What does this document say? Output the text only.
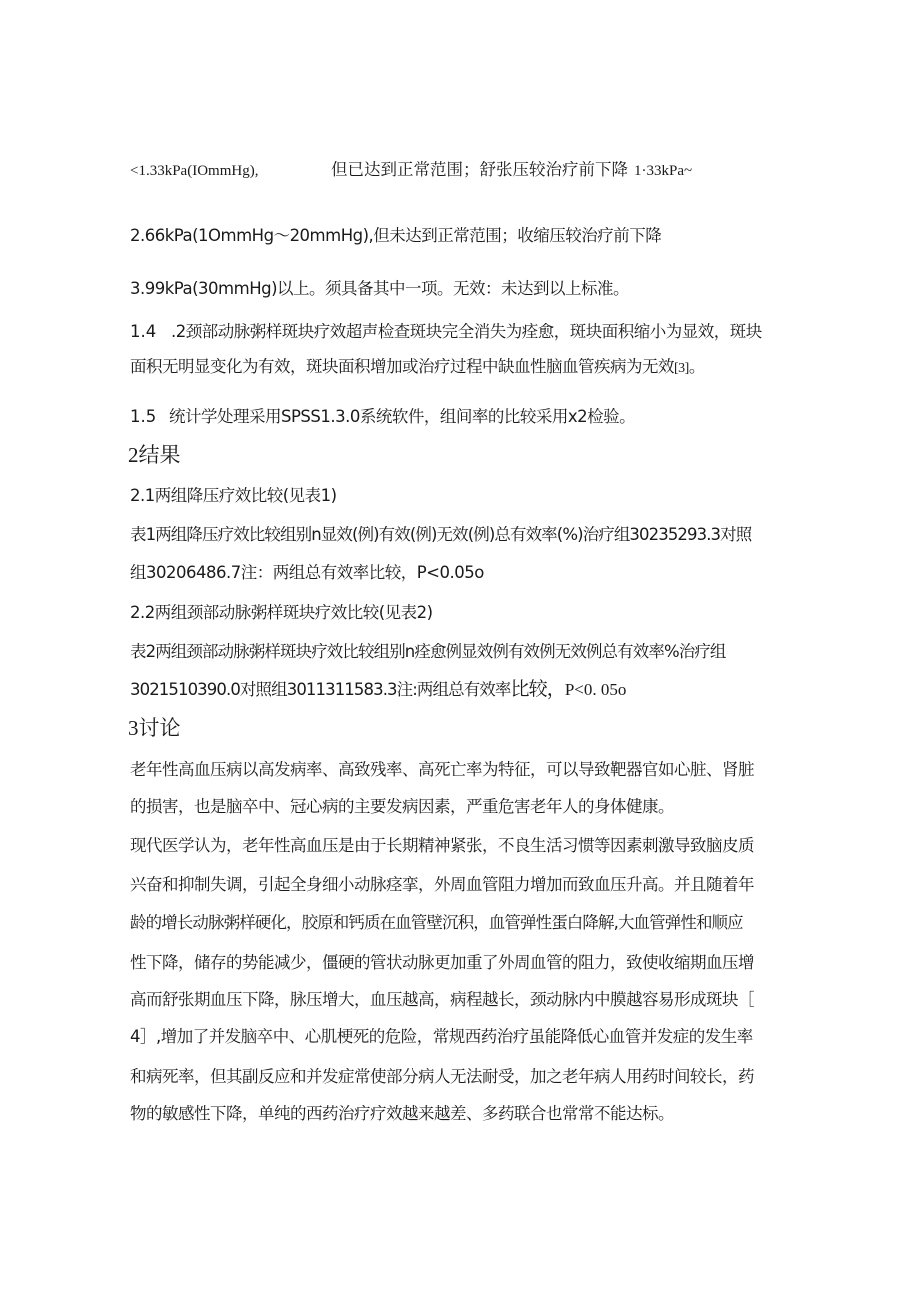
<1.33kPa(IOmmHg),	但已达到正常范围；舒张压较治疗前下降 1·33kPa~
2.66kPa(1OmmHg〜20mmHg),但未达到正常范围；收缩压较治疗前下降
3.99kPa(30mmHg)以上。须具备其中一项。无效：未达到以上标准。
1.4 .2颈部动脉粥样斑块疗效超声检查斑块完全消失为痊愈，斑块面积缩小为显效，斑块
面积无明显变化为有效，斑块面积增加或治疗过程中缺血性脑血管疾病为无效[3]。
1.5 统计学处理采用SPSS1.3.0系统软件，组间率的比较采用x2检验。
2结果
2.1两组降压疗效比较(见表1)
表1两组降压疗效比较组别n显效(例)有效(例)无效(例)总有效率(%)治疗组30235293.3对照
组30206486.7注：两组总有效率比较，P<0.05o
2.2两组颈部动脉粥样斑块疗效比较(见表2)
表2两组颈部动脉粥样斑块疗效比较组别n痊愈例显效例有效例无效例总有效率%治疗组
3021510390.0对照组3011311583.3注:两组总有效率比较，P<0. 05o
3讨论
老年性高血压病以高发病率、高致残率、高死亡率为特征，可以导致靶器官如心脏、肾脏
的损害，也是脑卒中、冠心病的主要发病因素，严重危害老年人的身体健康。
现代医学认为，老年性高血压是由于长期精神紧张，不良生活习惯等因素刺激导致脑皮质
兴奋和抑制失调，引起全身细小动脉痉挛，外周血管阻力增加而致血压升高。并且随着年
龄的增长动脉粥样硬化，胶原和钙质在血管壁沉积，血管弹性蛋白降解,大血管弹性和顺应
性下降，储存的势能减少，僵硬的管状动脉更加重了外周血管的阻力，致使收缩期血压增
高而舒张期血压下降，脉压增大，血压越高，病程越长，颈动脉内中膜越容易形成斑块［
4］,增加了并发脑卒中、心肌梗死的危险，常规西药治疗虽能降低心血管并发症的发生率
和病死率，但其副反应和并发症常使部分病人无法耐受，加之老年病人用药时间较长，药
物的敏感性下降，单纯的西药治疗疗效越来越差、多药联合也常常不能达标。
